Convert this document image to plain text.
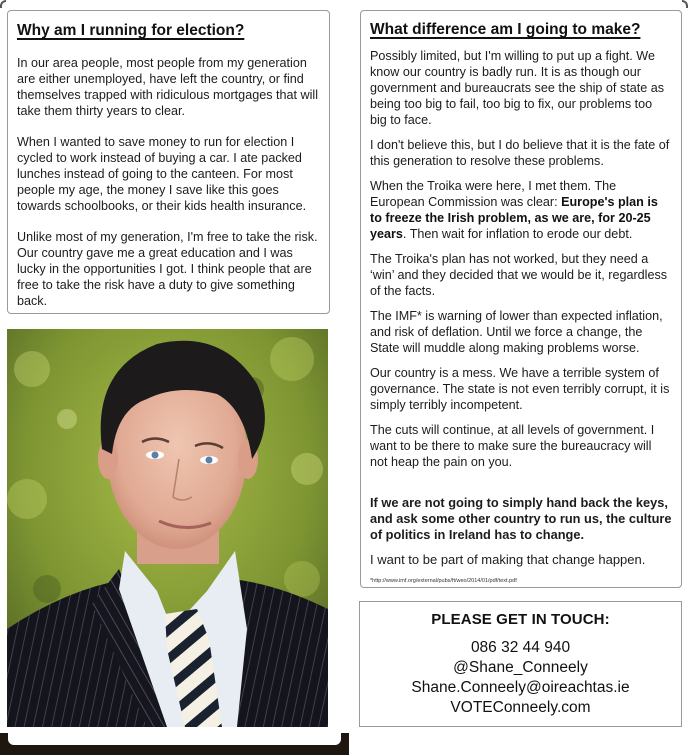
Why am I running for election?

In our area people, most people from my generation are either unemployed, have left the country, or find themselves trapped with ridiculous mortgages that will take them thirty years to clear.

When I wanted to save money to run for election I cycled to work instead of buying a car. I ate packed lunches instead of going to the canteen. For most people my age, the money I save like this goes towards schoolbooks, or their kids health insurance.

Unlike most of my generation, I'm free to take the risk. Our country gave me a great education and I was lucky in the opportunities I got. I think people that are free to take the risk have a duty to give something back.

What difference am I going to make?

Possibly limited, but I'm willing to put up a fight. We know our country is badly run. It is as though our government and bureaucrats see the ship of state as being too big to fail, too big to fix, our problems too big to face.

I don't believe this, but I do believe that it is the fate of this generation to resolve these problems.

When the Troika were here, I met them. The European Commission was clear: Europe's plan is to freeze the Irish problem, as we are, for 20-25 years. Then wait for inflation to erode our debt.

The Troika's plan has not worked, but they need a ‘win’ and they decided that we would be it, regardless of the facts.

The IMF* is warning of lower than expected inflation, and risk of deflation. Until we force a change, the State will muddle along making problems worse.

Our country is a mess. We have a terrible system of governance. The state is not even terribly corrupt, it is simply terribly incompetent.

The cuts will continue, at all levels of government. I want to be there to make sure the bureaucracy will not heap the pain on you.

If we are not going to simply hand back the keys, and ask some other country to run us, the culture of politics in Ireland has to change.

I want to be part of making that change happen.

*http://www.imf.org/external/pubs/ft/weo/2014/01/pdf/text.pdf

PLEASE GET IN TOUCH:
086 32 44 940
@Shane_Conneely
Shane.Conneely@oireachtas.ie
VOTEConneely.com
